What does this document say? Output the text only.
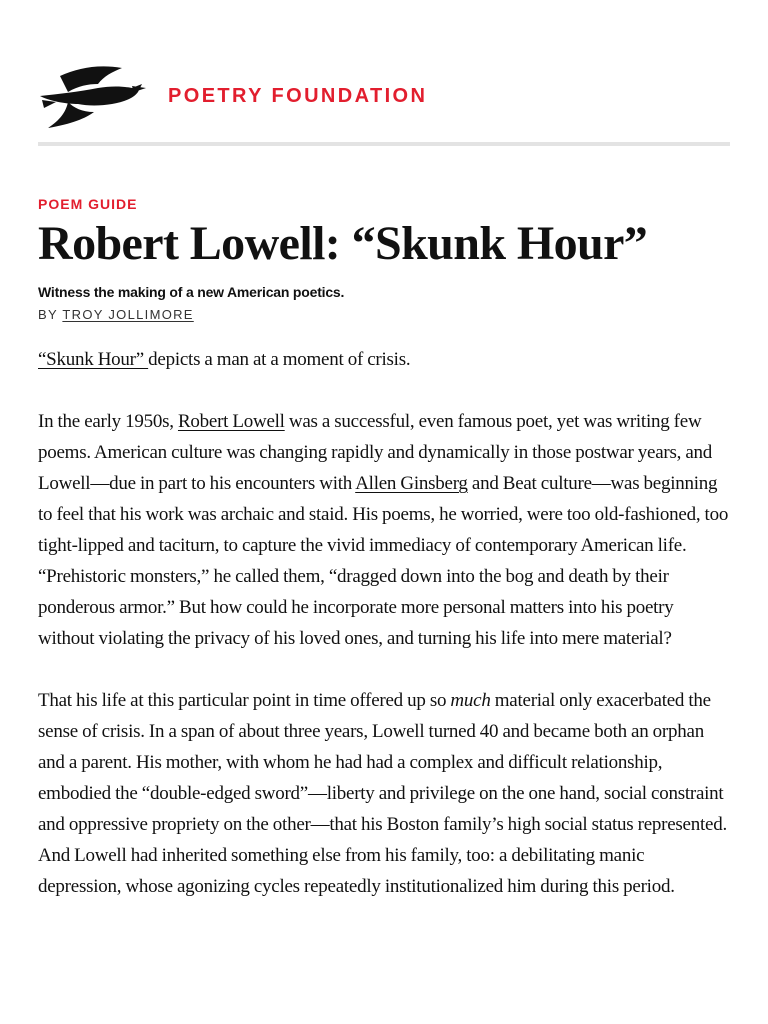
POETRY FOUNDATION
POEM GUIDE
Robert Lowell: “Skunk Hour”
Witness the making of a new American poetics.
BY TROY JOLLIMORE

“Skunk Hour” depicts a man at a moment of crisis.

In the early 1950s, Robert Lowell was a successful, even famous poet, yet was writing few poems. American culture was changing rapidly and dynamically in those postwar years, and Lowell—due in part to his encounters with Allen Ginsberg and Beat culture—was beginning to feel that his work was archaic and staid. His poems, he worried, were too old-fashioned, too tight-lipped and taciturn, to capture the vivid immediacy of contemporary American life. “Prehistoric monsters,” he called them, “dragged down into the bog and death by their ponderous armor.” But how could he incorporate more personal matters into his poetry without violating the privacy of his loved ones, and turning his life into mere material?

That his life at this particular point in time offered up so much material only exacerbated the sense of crisis. In a span of about three years, Lowell turned 40 and became both an orphan and a parent. His mother, with whom he had had a complex and difficult relationship, embodied the “double-edged sword”—liberty and privilege on the one hand, social constraint and oppressive propriety on the other—that his Boston family’s high social status represented. And Lowell had inherited something else from his family, too: a debilitating manic depression, whose agonizing cycles repeatedly institutionalized him during this period.
